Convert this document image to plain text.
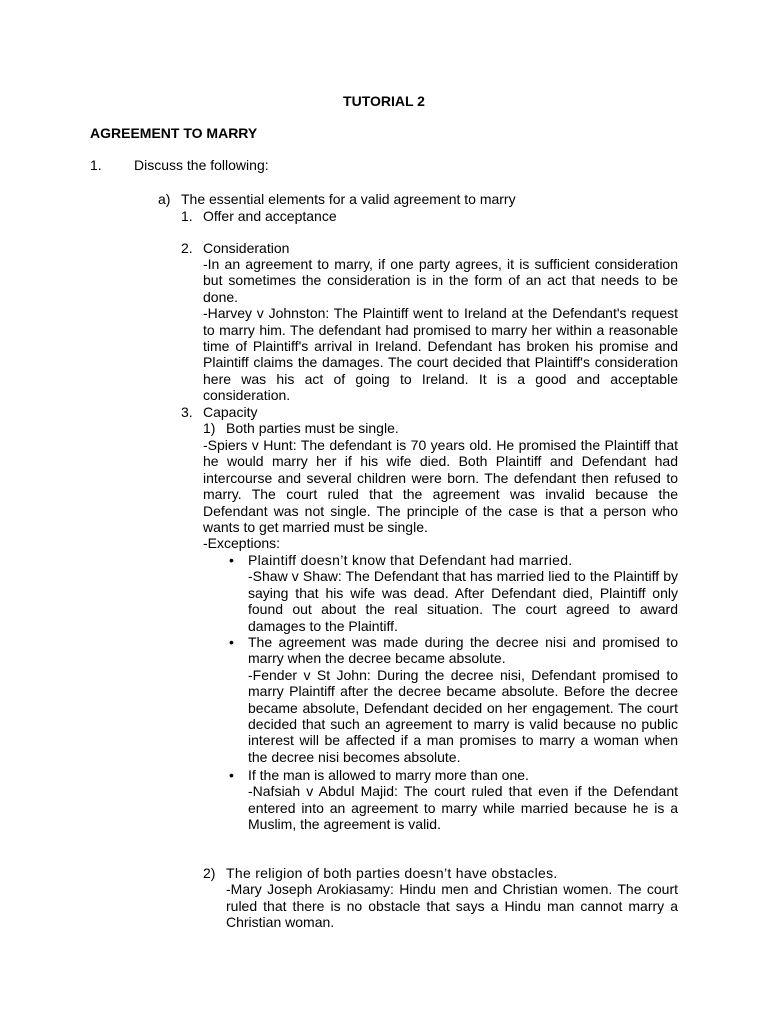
TUTORIAL 2
AGREEMENT TO MARRY
1. Discuss the following:
a) The essential elements for a valid agreement to marry
1. Offer and acceptance
2. Consideration

-In an agreement to marry, if one party agrees, it is sufficient consideration but sometimes the consideration is in the form of an act that needs to be done.

-Harvey v Johnston: The Plaintiff went to Ireland at the Defendant's request to marry him. The defendant had promised to marry her within a reasonable time of Plaintiff's arrival in Ireland. Defendant has broken his promise and Plaintiff claims the damages. The court decided that Plaintiff's consideration here was his act of going to Ireland. It is a good and acceptable consideration.

3. Capacity
1) Both parties must be single.

-Spiers v Hunt: The defendant is 70 years old. He promised the Plaintiff that he would marry her if his wife died. Both Plaintiff and Defendant had intercourse and several children were born. The defendant then refused to marry. The court ruled that the agreement was invalid because the Defendant was not single. The principle of the case is that a person who wants to get married must be single.

-Exceptions:

• Plaintiff doesn’t know that Defendant had married.

-Shaw v Shaw: The Defendant that has married lied to the Plaintiff by saying that his wife was dead. After Defendant died, Plaintiff only found out about the real situation. The court agreed to award damages to the Plaintiff.

• The agreement was made during the decree nisi and promised to marry when the decree became absolute.

-Fender v St John: During the decree nisi, Defendant promised to marry Plaintiff after the decree became absolute. Before the decree became absolute, Defendant decided on her engagement. The court decided that such an agreement to marry is valid because no public interest will be affected if a man promises to marry a woman when the decree nisi becomes absolute.

• If the man is allowed to marry more than one.

-Nafsiah v Abdul Majid: The court ruled that even if the Defendant entered into an agreement to marry while married because he is a Muslim, the agreement is valid.

2) The religion of both parties doesn’t have obstacles.

-Mary Joseph Arokiasamy: Hindu men and Christian women. The court ruled that there is no obstacle that says a Hindu man cannot marry a Christian woman.
